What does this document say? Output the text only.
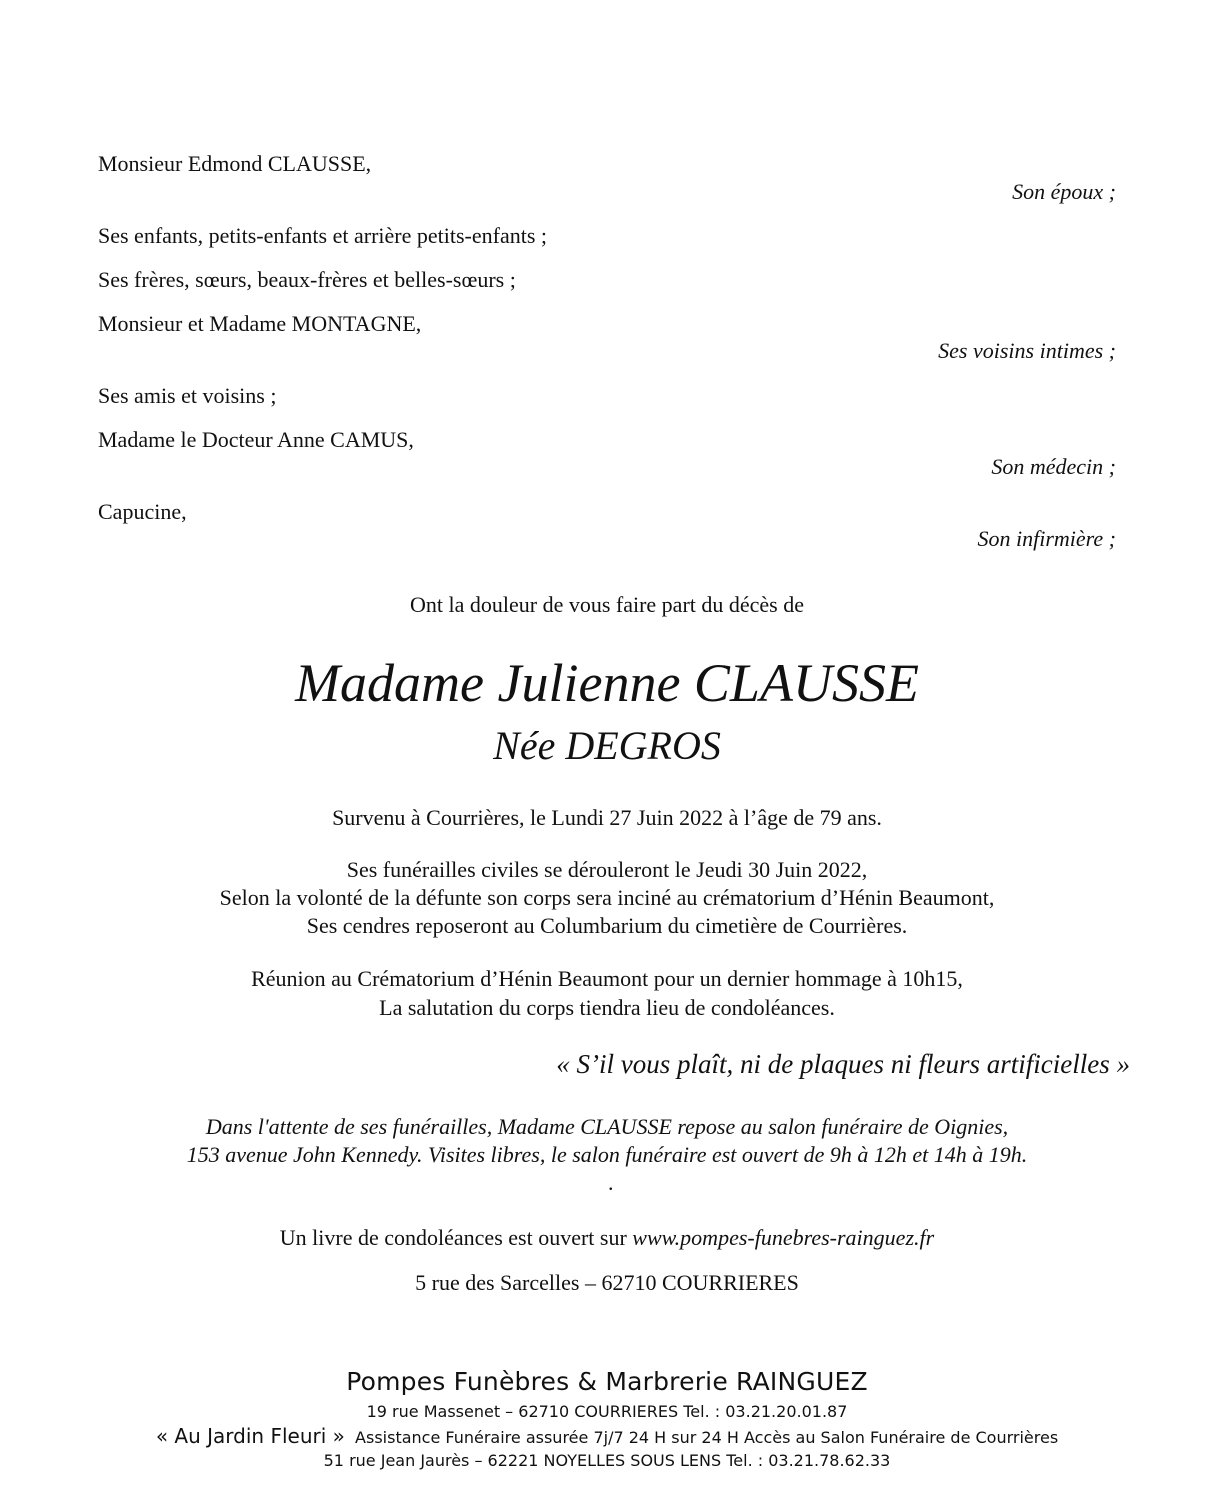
Monsieur Edmond CLAUSSE,
Son époux ;
Ses enfants, petits-enfants et arrière petits-enfants ;
Ses frères, sœurs, beaux-frères et belles-sœurs ;
Monsieur et Madame MONTAGNE,
Ses voisins intimes ;
Ses amis et voisins ;
Madame le Docteur Anne CAMUS,
Son médecin ;
Capucine,
Son infirmière ;
Ont la douleur de vous faire part du décès de
Madame Julienne CLAUSSE
Née DEGROS
Survenu à Courrières, le Lundi 27 Juin 2022 à l’âge de 79 ans.
Ses funérailles civiles se dérouleront le Jeudi 30 Juin 2022,
Selon la volonté de la défunte son corps sera inciné au crématorium d’Hénin Beaumont,
Ses cendres reposeront au Columbarium du cimetière de Courrières.
Réunion au Crématorium d’Hénin Beaumont pour un dernier hommage à 10h15,
La salutation du corps tiendra lieu de condoléances.
« S’il vous plaît, ni de plaques ni fleurs artificielles »
Dans l'attente de ses funérailles, Madame CLAUSSE repose au salon funéraire de Oignies,
153 avenue John Kennedy. Visites libres, le salon funéraire est ouvert de 9h à 12h et 14h à 19h.
.
Un livre de condoléances est ouvert sur www.pompes-funebres-rainguez.fr
5 rue des Sarcelles – 62710 COURRIERES
Pompes Funèbres & Marbrerie RAINGUEZ
19 rue Massenet – 62710 COURRIERES Tel. : 03.21.20.01.87
« Au Jardin Fleuri » Assistance Funéraire assurée 7j/7 24 H sur 24 H Accès au Salon Funéraire de Courrières
51 rue Jean Jaurès – 62221 NOYELLES SOUS LENS Tel. : 03.21.78.62.33
